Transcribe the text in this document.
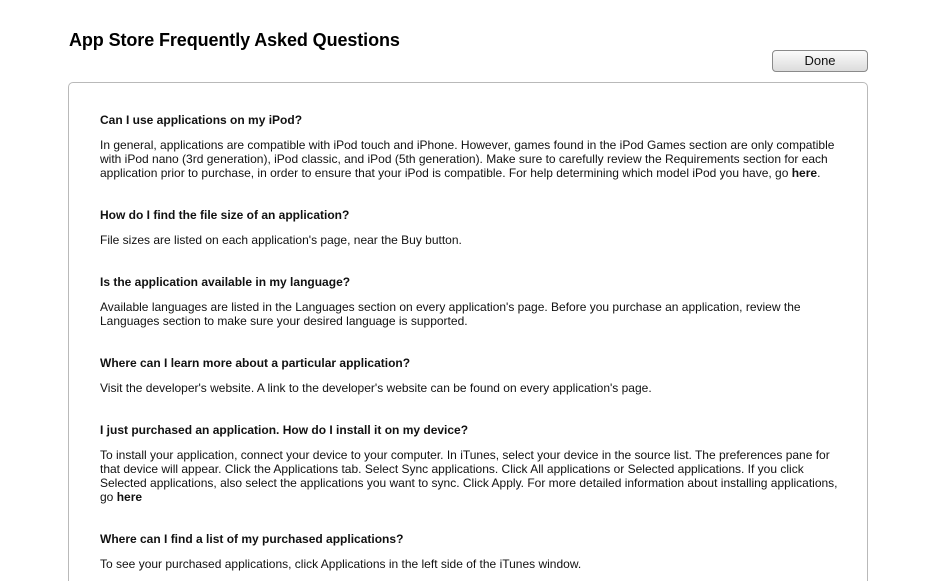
App Store Frequently Asked Questions
Done

Can I use applications on my iPod?

In general, applications are compatible with iPod touch and iPhone. However, games found in the iPod Games section are only compatible with iPod nano (3rd generation), iPod classic, and iPod (5th generation). Make sure to carefully review the Requirements section for each application prior to purchase, in order to ensure that your iPod is compatible. For help determining which model iPod you have, go here.

How do I find the file size of an application?

File sizes are listed on each application's page, near the Buy button.

Is the application available in my language?

Available languages are listed in the Languages section on every application's page. Before you purchase an application, review the Languages section to make sure your desired language is supported.

Where can I learn more about a particular application?

Visit the developer's website. A link to the developer's website can be found on every application's page.

I just purchased an application. How do I install it on my device?

To install your application, connect your device to your computer. In iTunes, select your device in the source list. The preferences pane for that device will appear. Click the Applications tab. Select Sync applications. Click All applications or Selected applications. If you click Selected applications, also select the applications you want to sync. Click Apply. For more detailed information about installing applications, go here

Where can I find a list of my purchased applications?

To see your purchased applications, click Applications in the left side of the iTunes window.
